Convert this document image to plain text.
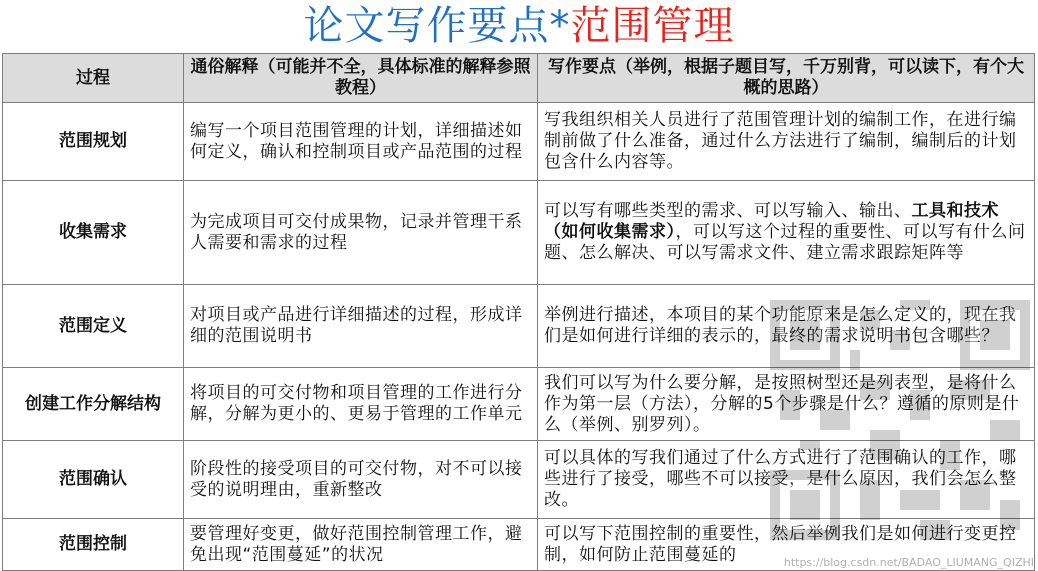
论文写作要点*范围管理
过程	通俗解释（可能并不全，具体标准的解释参照教程）	写作要点（举例，根据子题目写，千万别背，可以读下，有个大概的思路）
范围规划	编写一个项目范围管理的计划，详细描述如何定义，确认和控制项目或产品范围的过程	写我组织相关人员进行了范围管理计划的编制工作，在进行编制前做了什么准备，通过什么方法进行了编制，编制后的计划包含什么内容等。
收集需求	为完成项目可交付成果物，记录并管理干系人需要和需求的过程	可以写有哪些类型的需求、可以写输入、输出、工具和技术（如何收集需求），可以写这个过程的重要性、可以写有什么问题、怎么解决、可以写需求文件、建立需求跟踪矩阵等
范围定义	对项目或产品进行详细描述的过程，形成详细的范围说明书	举例进行描述，本项目的某个功能原来是怎么定义的，现在我们是如何进行详细的表示的，最终的需求说明书包含哪些？
创建工作分解结构	将项目的可交付物和项目管理的工作进行分解，分解为更小的、更易于管理的工作单元	我们可以写为什么要分解，是按照树型还是列表型，是将什么作为第一层（方法），分解的5个步骤是什么？遵循的原则是什么（举例、别罗列）。
范围确认	阶段性的接受项目的可交付物，对不可以接受的说明理由，重新整改	可以具体的写我们通过了什么方式进行了范围确认的工作，哪些进行了接受，哪些不可以接受，是什么原因，我们会怎么整改。
范围控制	要管理好变更，做好范围控制管理工作，避免出现“范围蔓延”的状况	可以写下范围控制的重要性，然后举例我们是如何进行变更控制，如何防止范围蔓延的	https://blog.csdn.net/BADAO_LIUMANG_QIZHI
